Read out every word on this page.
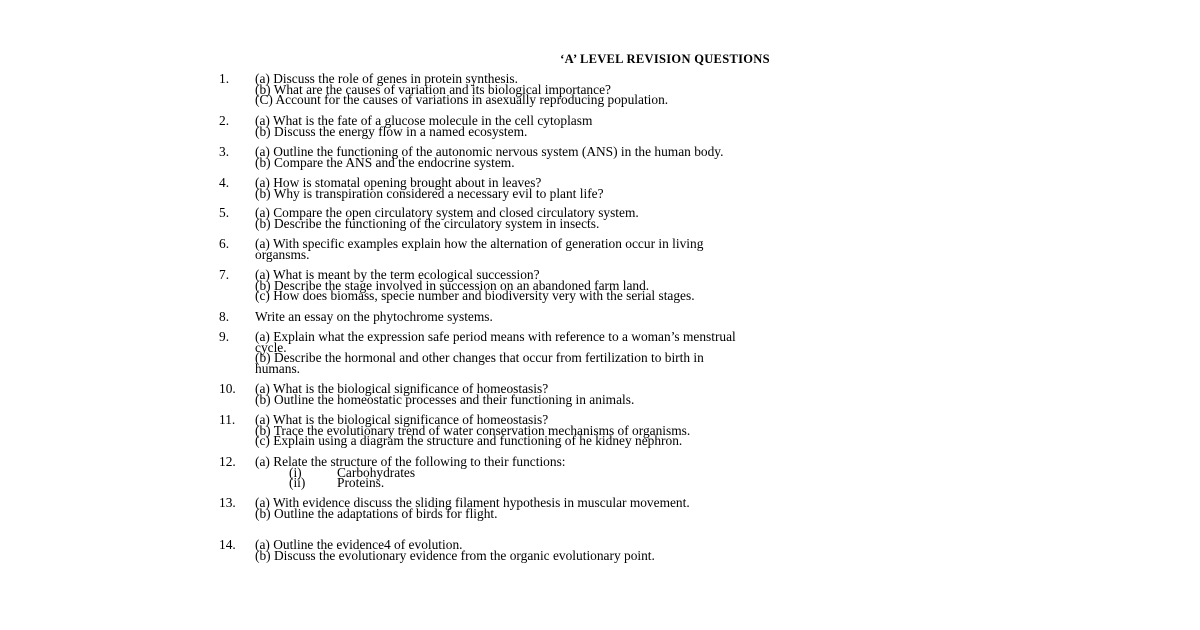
‘A’ LEVEL REVISION QUESTIONS
1.	(a) Discuss the role of genes in protein synthesis.
(b) What are the causes of variation and its biological importance?
(C) Account for the causes of variations in asexually reproducing population.
2.	(a) What is the fate of a glucose molecule in the cell cytoplasm
(b) Discuss the energy flow in a named ecosystem.
3.	(a) Outline the functioning of the autonomic nervous system (ANS) in the human body.
(b) Compare the ANS and the endocrine system.
4.	(a) How is stomatal opening brought about in leaves?
(b) Why is transpiration considered a necessary evil to plant life?
5.	(a) Compare the open circulatory system and closed circulatory system.
(b) Describe the functioning of the circulatory system in insects.
6.	(a) With specific examples explain how the alternation of generation occur in living
organsms.
7.	(a) What is meant by the term ecological succession?
(b) Describe the stage involved in succession on an abandoned farm land.
(c) How does biomass, specie number and biodiversity very with the serial stages.
8.	Write an essay on the phytochrome systems.
9.	(a) Explain what the expression safe period means with reference to a woman’s menstrual
cycle.
(b) Describe the hormonal and other changes that occur from fertilization to birth in
humans.
10.	(a) What is the biological significance of homeostasis?
(b) Outline the homeostatic processes and their functioning in animals.
11.	(a) What is the biological significance of homeostasis?
(b) Trace the evolutionary trend of water conservation mechanisms of organisms.
(c) Explain using a diagram the structure and functioning of he kidney nephron.
12.	(a) Relate the structure of the following to their functions:
(i)	Carbohydrates
(ii) Proteins.
13.	(a) With evidence discuss the sliding filament hypothesis in muscular movement.
(b) Outline the adaptations of birds for flight.
14.	(a) Outline the evidence4 of evolution.
(b) Discuss the evolutionary evidence from the organic evolutionary point.
